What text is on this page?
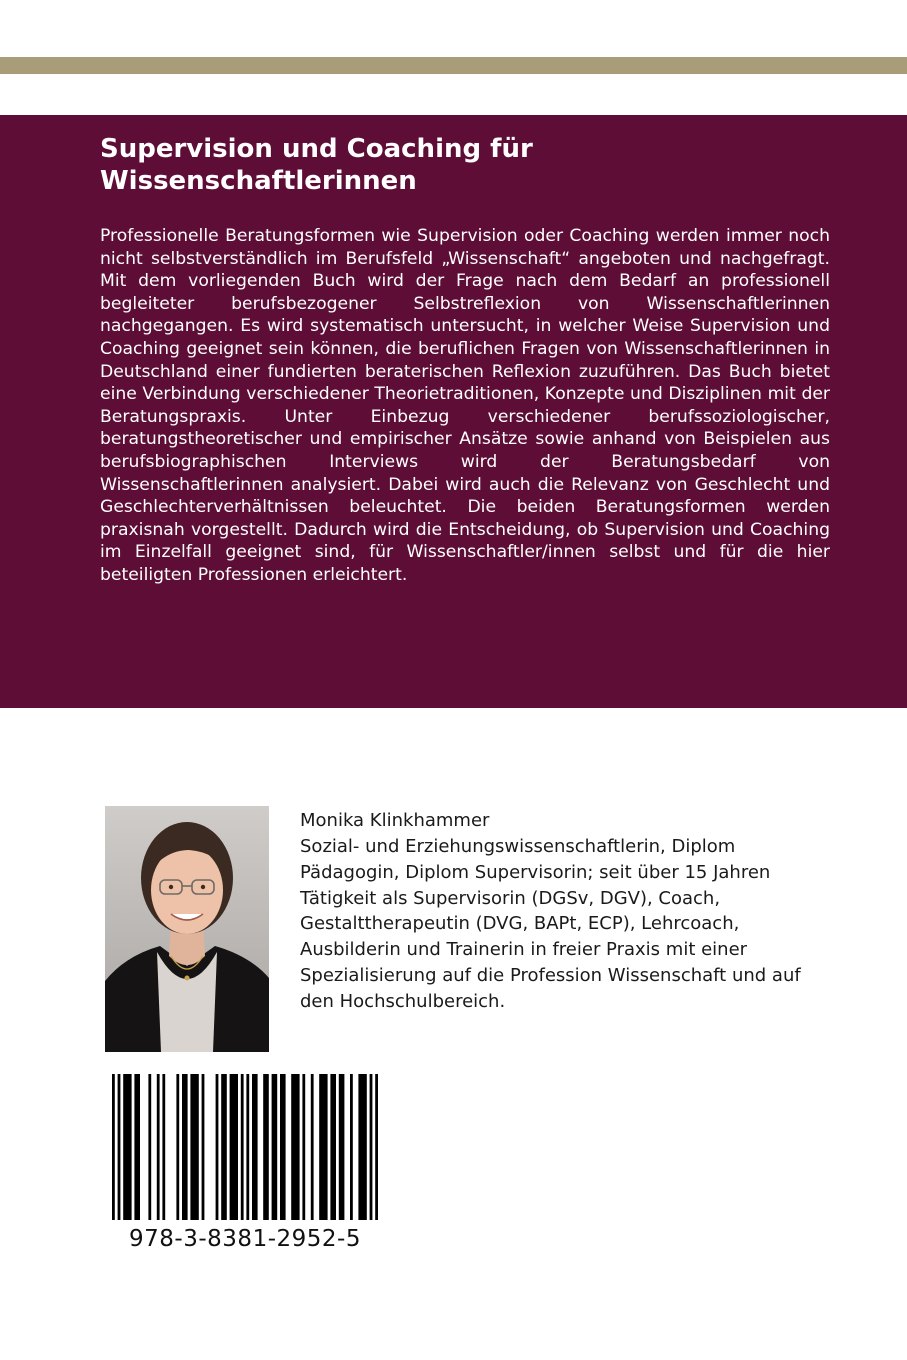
Supervision und Coaching für Wissenschaftlerinnen

Professionelle Beratungsformen wie Supervision oder Coaching werden immer noch nicht selbstverständlich im Berufsfeld „Wissenschaft“ angeboten und nachgefragt. Mit dem vorliegenden Buch wird der Frage nach dem Bedarf an professionell begleiteter berufsbezogener Selbstreflexion von Wissenschaftlerinnen nachgegangen. Es wird systematisch untersucht, in welcher Weise Supervision und Coaching geeignet sein können, die beruflichen Fragen von Wissenschaftlerinnen in Deutschland einer fundierten beraterischen Reflexion zuzuführen. Das Buch bietet eine Verbindung verschiedener Theorietraditionen, Konzepte und Disziplinen mit der Beratungspraxis. Unter Einbezug verschiedener berufssoziologischer, beratungstheoretischer und empirischer Ansätze sowie anhand von Beispielen aus berufsbiographischen Interviews wird der Beratungsbedarf von Wissenschaftlerinnen analysiert. Dabei wird auch die Relevanz von Geschlecht und Geschlechterverhältnissen beleuchtet. Die beiden Beratungsformen werden praxisnah vorgestellt. Dadurch wird die Entscheidung, ob Supervision und Coaching im Einzelfall geeignet sind, für Wissenschaftler/innen selbst und für die hier beteiligten Professionen erleichtert.

Monika Klinkhammer

Sozial- und Erziehungswissenschaftlerin, Diplom Pädagogin, Diplom Supervisorin; seit über 15 Jahren Tätigkeit als Supervisorin (DGSv, DGV), Coach, Gestalttherapeutin (DVG, BAPt, ECP), Lehrcoach, Ausbilderin und Trainerin in freier Praxis mit einer Spezialisierung auf die Profession Wissenschaft und auf den Hochschulbereich.

978-3-8381-2952-5
